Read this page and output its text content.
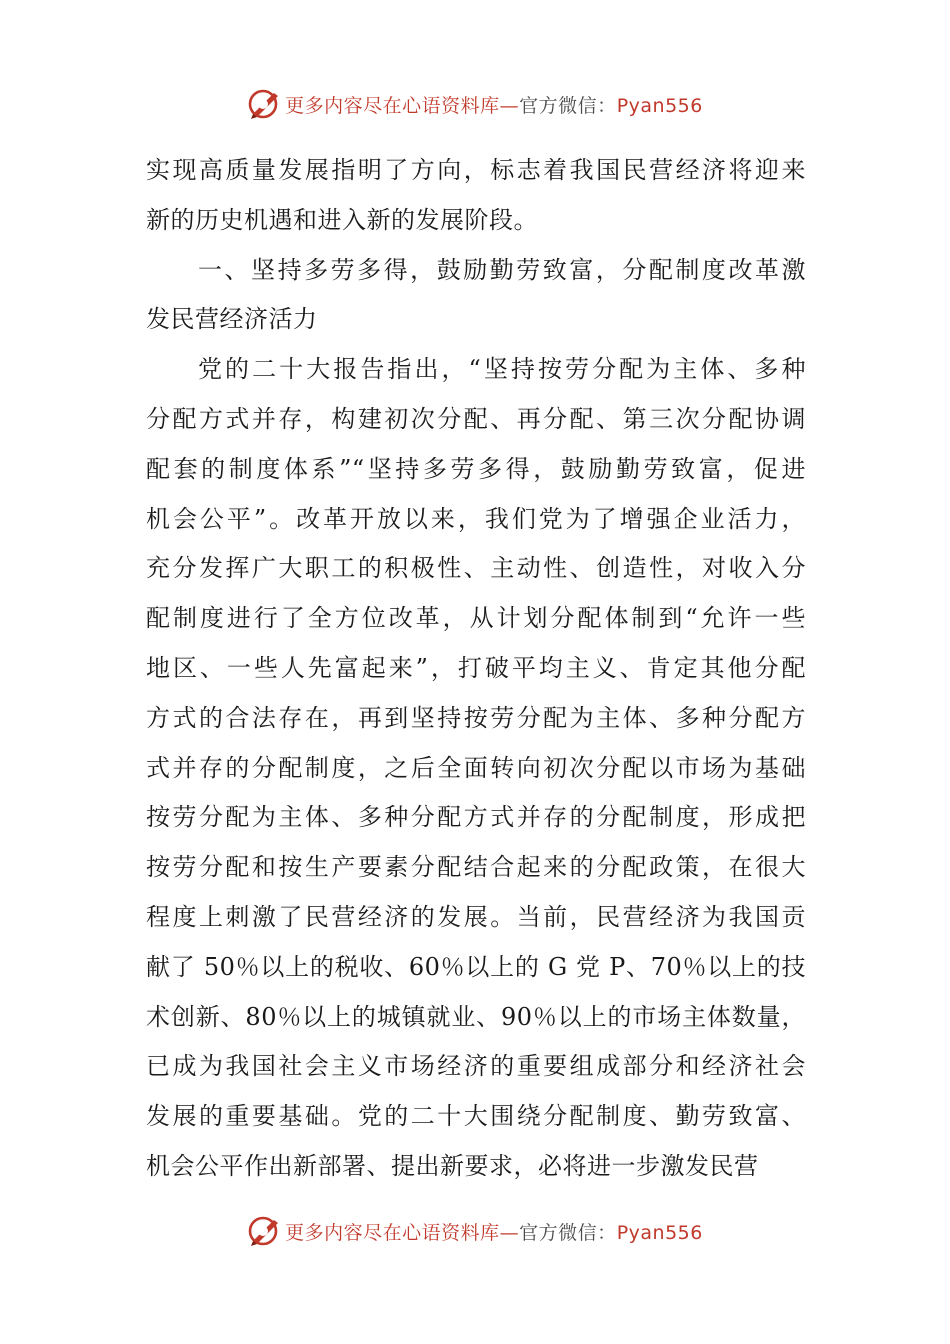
更多内容尽在心语资料库—官方微信：Pyan556
实现高质量发展指明了方向，标志着我国民营经济将迎来
新的历史机遇和进入新的发展阶段。
一、坚持多劳多得，鼓励勤劳致富，分配制度改革激
发民营经济活力
党的二十大报告指出，“坚持按劳分配为主体、多种
分配方式并存，构建初次分配、再分配、第三次分配协调
配套的制度体系”“坚持多劳多得，鼓励勤劳致富，促进
机会公平”。改革开放以来，我们党为了增强企业活力，
充分发挥广大职工的积极性、主动性、创造性，对收入分
配制度进行了全方位改革，从计划分配体制到“允许一些
地区、一些人先富起来”，打破平均主义、肯定其他分配
方式的合法存在，再到坚持按劳分配为主体、多种分配方
式并存的分配制度，之后全面转向初次分配以市场为基础
按劳分配为主体、多种分配方式并存的分配制度，形成把
按劳分配和按生产要素分配结合起来的分配政策，在很大
程度上刺激了民营经济的发展。当前，民营经济为我国贡
献了 50％以上的税收、60％以上的 G 党 P、70％以上的技
术创新、80％以上的城镇就业、90％以上的市场主体数量，
已成为我国社会主义市场经济的重要组成部分和经济社会
发展的重要基础。党的二十大围绕分配制度、勤劳致富、
机会公平作出新部署、提出新要求，必将进一步激发民营
更多内容尽在心语资料库—官方微信：Pyan556
